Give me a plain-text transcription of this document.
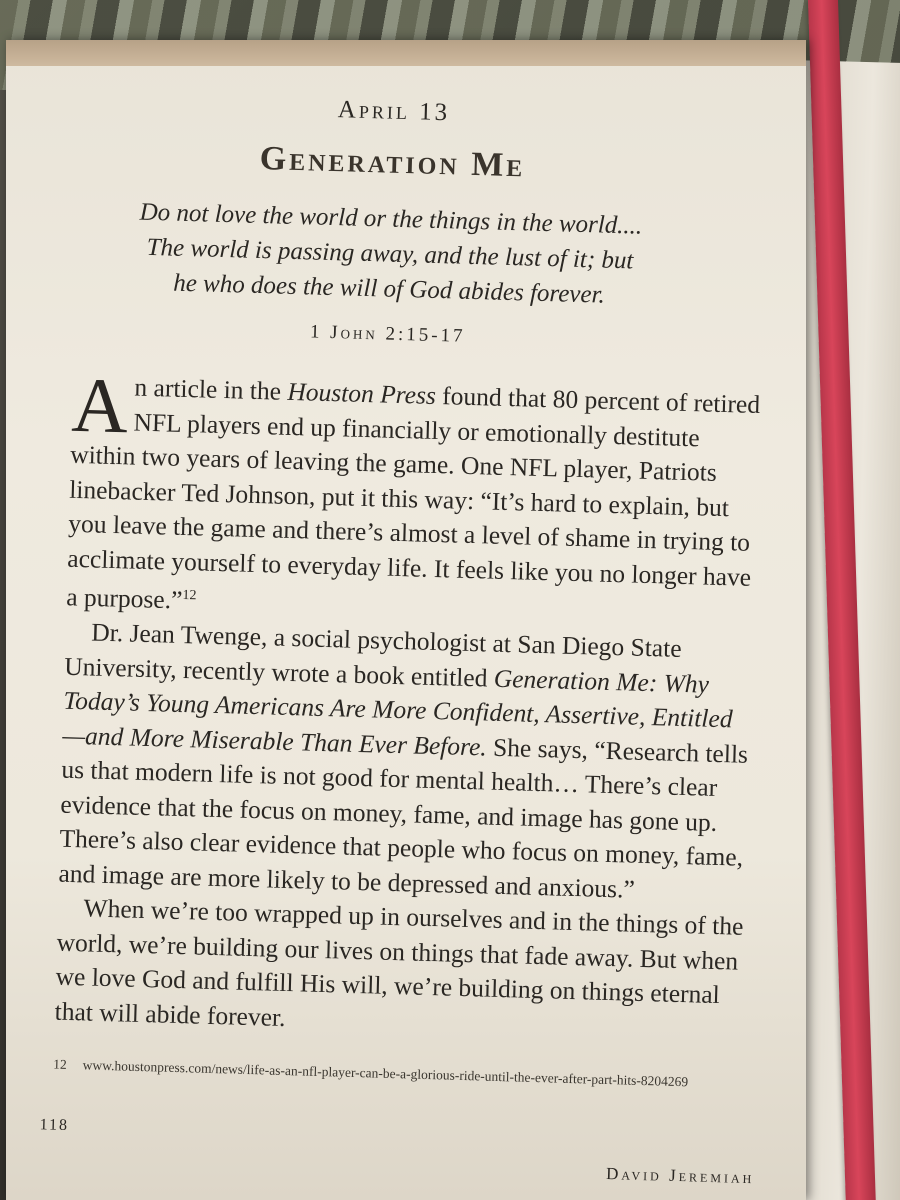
April 13
Generation Me
Do not love the world or the things in the world....
The world is passing away, and the lust of it; but
he who does the will of God abides forever.
1 John 2:15-17

An article in the Houston Press found that 80 percent of retired NFL players end up financially or emotionally destitute within two years of leaving the game. One NFL player, Patriots linebacker Ted Johnson, put it this way: “It’s hard to explain, but you leave the game and there’s almost a level of shame in trying to acclimate yourself to everyday life. It feels like you no longer have a purpose.”$^{12}$

Dr. Jean Twenge, a social psychologist at San Diego State University, recently wrote a book entitled Generation Me: Why Today’s Young Americans Are More Confident, Assertive, Entitled—and More Miserable Than Ever Before. She says, “Research tells us that modern life is not good for mental health… There’s clear evidence that the focus on money, fame, and image has gone up. There’s also clear evidence that people who focus on money, fame, and image are more likely to be depressed and anxious.”

When we’re too wrapped up in ourselves and in the things of the world, we’re building our lives on things that fade away. But when we love God and fulfill His will, we’re building on things eternal that will abide forever.

12 www.houstonpress.com/news/life-as-an-nfl-player-can-be-a-glorious-ride-until-the-ever-after-part-hits-8204269
118
David Jeremiah
